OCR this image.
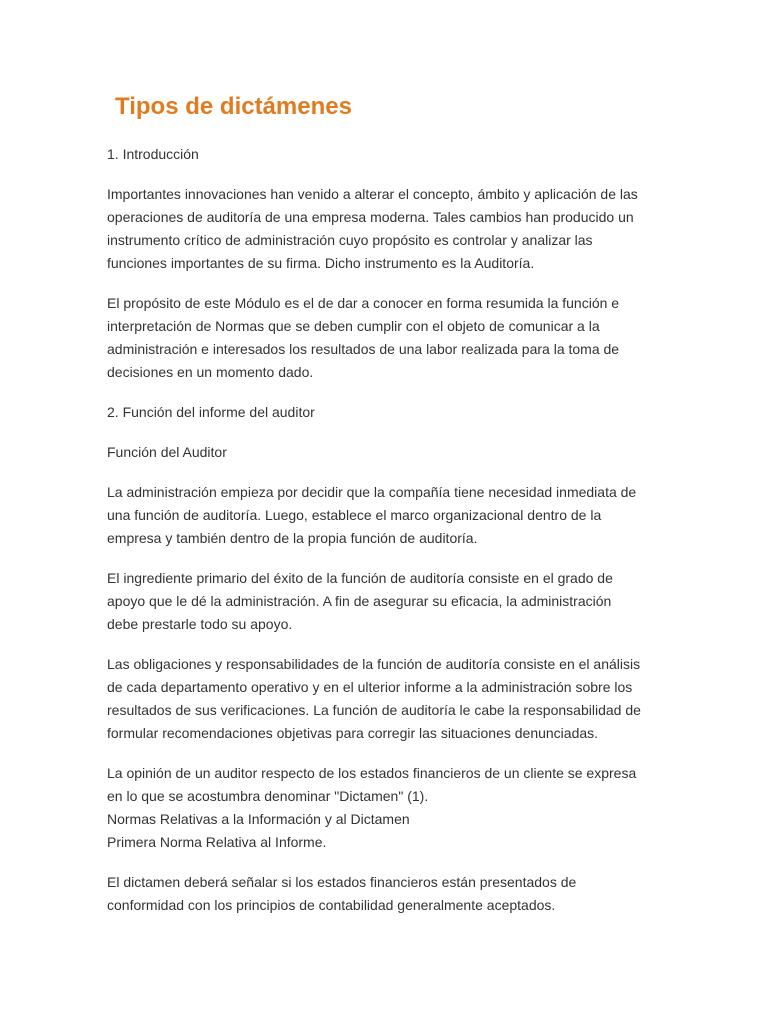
Tipos de dictámenes

1. Introducción

Importantes innovaciones han venido a alterar el concepto, ámbito y aplicación de las
operaciones de auditoría de una empresa moderna. Tales cambios han producido un
instrumento crítico de administración cuyo propósito es controlar y analizar las
funciones importantes de su firma. Dicho instrumento es la Auditoría.

El propósito de este Módulo es el de dar a conocer en forma resumida la función e
interpretación de Normas que se deben cumplir con el objeto de comunicar a la
administración e interesados los resultados de una labor realizada para la toma de
decisiones en un momento dado.

2. Función del informe del auditor

Función del Auditor

La administración empieza por decidir que la compañía tiene necesidad inmediata de
una función de auditoría. Luego, establece el marco organizacional dentro de la
empresa y también dentro de la propia función de auditoría.

El ingrediente primario del éxito de la función de auditoría consiste en el grado de
apoyo que le dé la administración. A fin de asegurar su eficacia, la administración
debe prestarle todo su apoyo.

Las obligaciones y responsabilidades de la función de auditoría consiste en el análisis
de cada departamento operativo y en el ulterior informe a la administración sobre los
resultados de sus verificaciones. La función de auditoría le cabe la responsabilidad de
formular recomendaciones objetivas para corregir las situaciones denunciadas.

La opinión de un auditor respecto de los estados financieros de un cliente se expresa
en lo que se acostumbra denominar "Dictamen" (1).
Normas Relativas a la Información y al Dictamen
Primera Norma Relativa al Informe.

El dictamen deberá señalar si los estados financieros están presentados de
conformidad con los principios de contabilidad generalmente aceptados.
